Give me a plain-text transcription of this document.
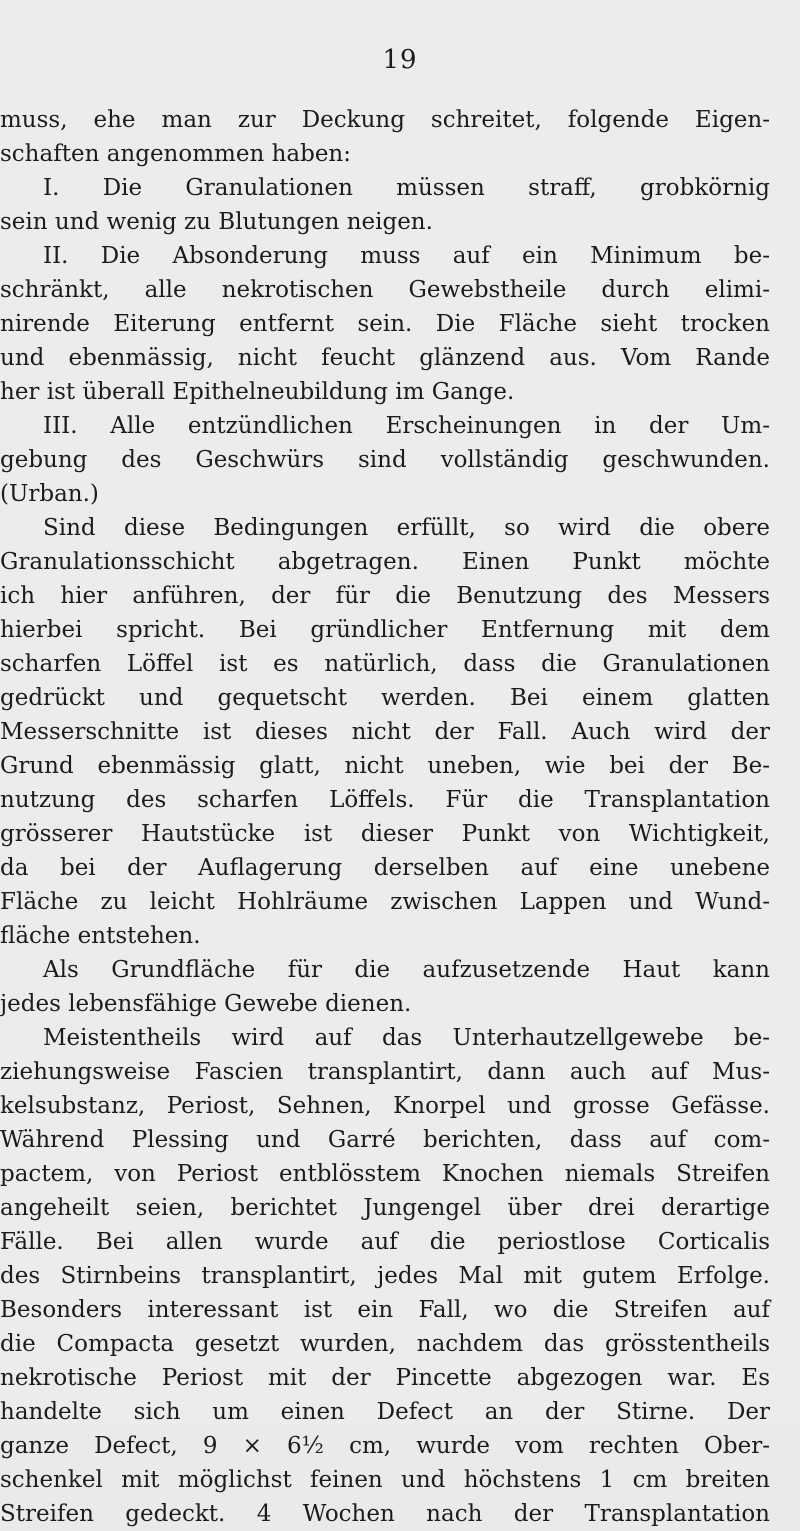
19
muss, ehe man zur Deckung schreitet, folgende Eigen-
schaften angenommen haben:
I. Die Granulationen müssen straff, grobkörnig
sein und wenig zu Blutungen neigen.
II. Die Absonderung muss auf ein Minimum be-
schränkt, alle nekrotischen Gewebstheile durch elimi-
nirende Eiterung entfernt sein. Die Fläche sieht trocken
und ebenmässig, nicht feucht glänzend aus. Vom Rande
her ist überall Epithelneubildung im Gange.
III. Alle entzündlichen Erscheinungen in der Um-
gebung des Geschwürs sind vollständig geschwunden.
(Urban.)
Sind diese Bedingungen erfüllt, so wird die obere
Granulationsschicht abgetragen. Einen Punkt möchte
ich hier anführen, der für die Benutzung des Messers
hierbei spricht. Bei gründlicher Entfernung mit dem
scharfen Löffel ist es natürlich, dass die Granulationen
gedrückt und gequetscht werden. Bei einem glatten
Messerschnitte ist dieses nicht der Fall. Auch wird der
Grund ebenmässig glatt, nicht uneben, wie bei der Be-
nutzung des scharfen Löffels. Für die Transplantation
grösserer Hautstücke ist dieser Punkt von Wichtigkeit,
da bei der Auflagerung derselben auf eine unebene
Fläche zu leicht Hohlräume zwischen Lappen und Wund-
fläche entstehen.
Als Grundfläche für die aufzusetzende Haut kann
jedes lebensfähige Gewebe dienen.
Meistentheils wird auf das Unterhautzellgewebe be-
ziehungsweise Fascien transplantirt, dann auch auf Mus-
kelsubstanz, Periost, Sehnen, Knorpel und grosse Gefässe.
Während Plessing und Garré berichten, dass auf com-
pactem, von Periost entblösstem Knochen niemals Streifen
angeheilt seien, berichtet Jungengel über drei derartige
Fälle. Bei allen wurde auf die periostlose Corticalis
des Stirnbeins transplantirt, jedes Mal mit gutem Erfolge.
Besonders interessant ist ein Fall, wo die Streifen auf
die Compacta gesetzt wurden, nachdem das grösstentheils
nekrotische Periost mit der Pincette abgezogen war. Es
handelte sich um einen Defect an der Stirne. Der
ganze Defect, 9 × 6½ cm, wurde vom rechten Ober-
schenkel mit möglichst feinen und höchstens 1 cm breiten
Streifen gedeckt. 4 Wochen nach der Transplantation
